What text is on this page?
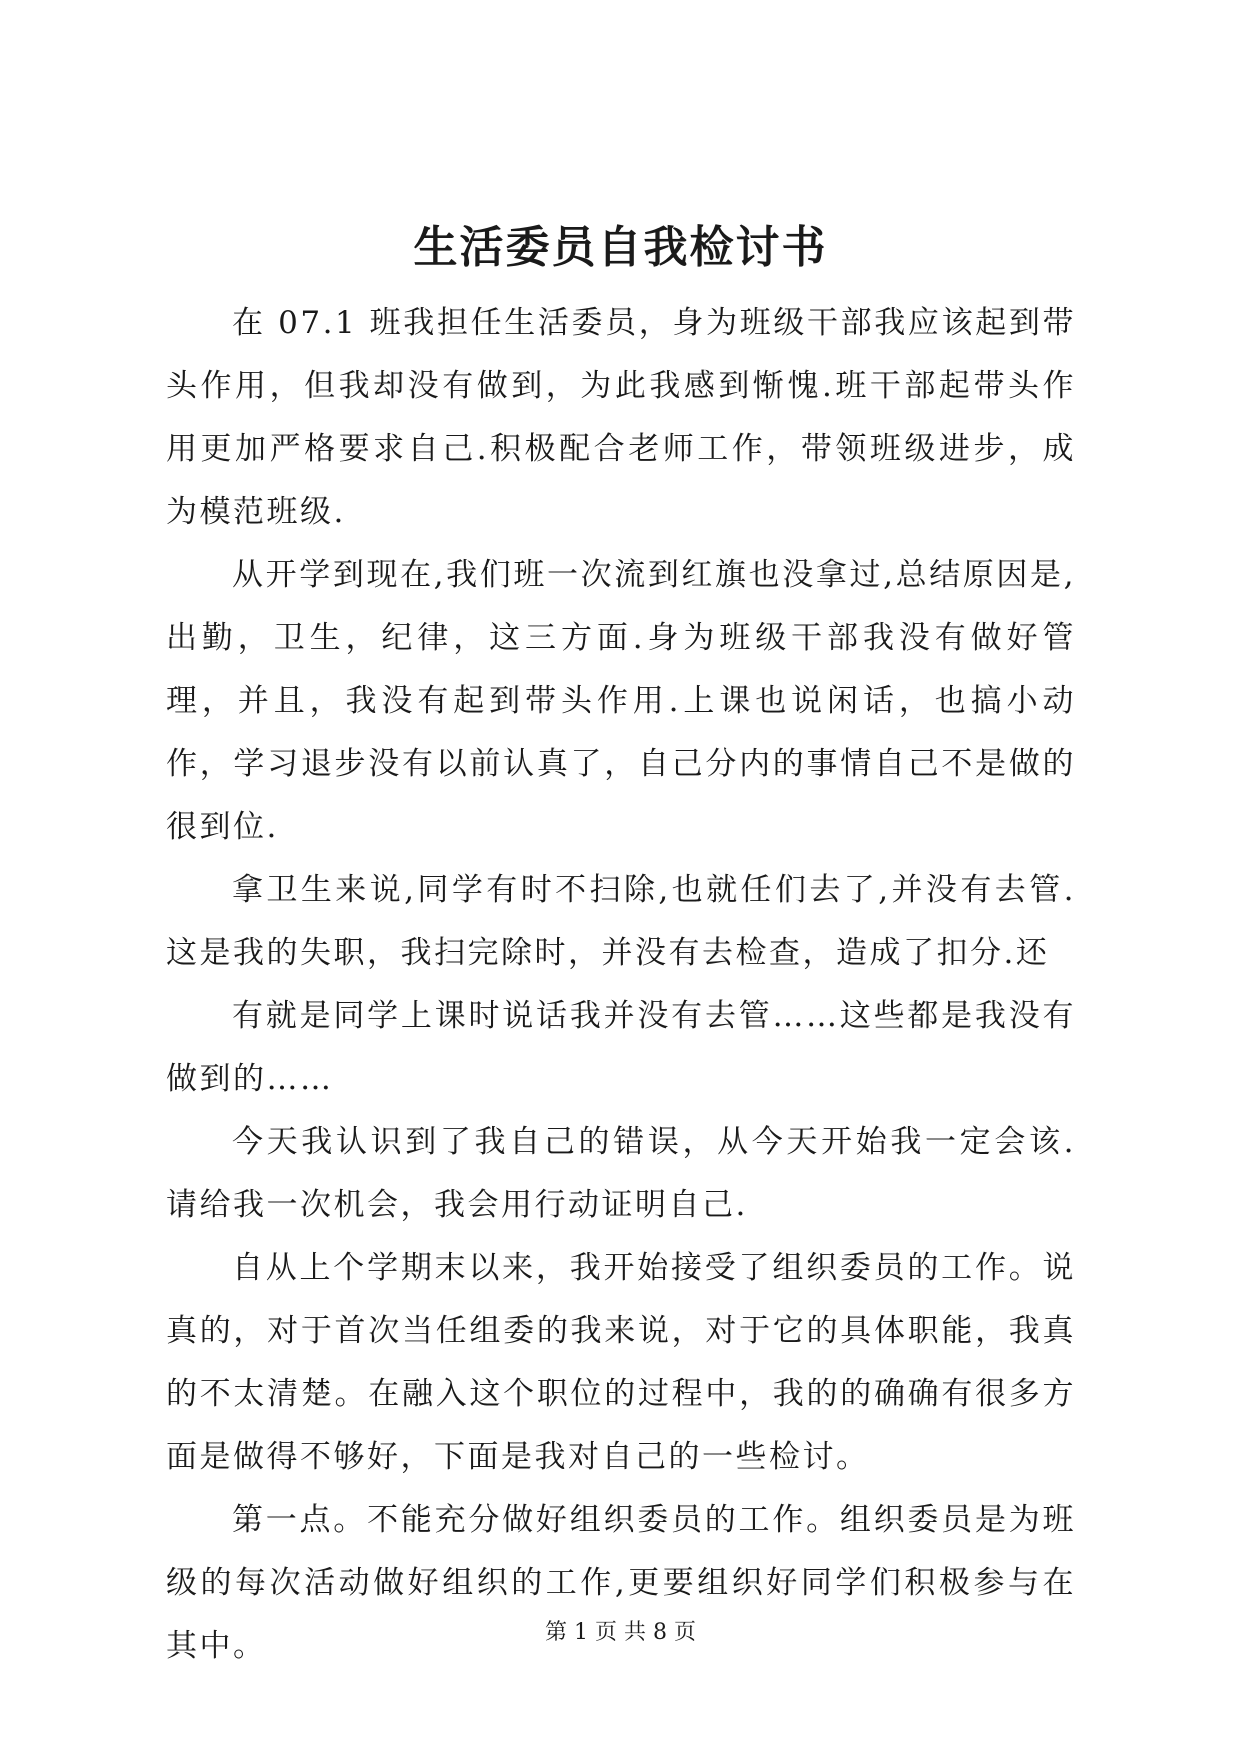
生活委员自我检讨书

在 07.1 班我担任生活委员，身为班级干部我应该起到带头作用，但我却没有做到，为此我感到惭愧.班干部起带头作用更加严格要求自己.积极配合老师工作，带领班级进步，成为模范班级.

从开学到现在,我们班一次流到红旗也没拿过,总结原因是,出勤，卫生，纪律，这三方面.身为班级干部我没有做好管理，并且，我没有起到带头作用.上课也说闲话，也搞小动作，学习退步没有以前认真了，自己分内的事情自己不是做的很到位.

拿卫生来说,同学有时不扫除,也就任们去了,并没有去管.这是我的失职，我扫完除时，并没有去检查，造成了扣分.还

有就是同学上课时说话我并没有去管……这些都是我没有做到的……

今天我认识到了我自己的错误，从今天开始我一定会该.请给我一次机会，我会用行动证明自己.

自从上个学期末以来，我开始接受了组织委员的工作。说真的，对于首次当任组委的我来说，对于它的具体职能，我真的不太清楚。在融入这个职位的过程中，我的的确确有很多方面是做得不够好，下面是我对自己的一些检讨。

第一点。不能充分做好组织委员的工作。组织委员是为班级的每次活动做好组织的工作,更要组织好同学们积极参与在其中。	第 1 页 共 8 页
